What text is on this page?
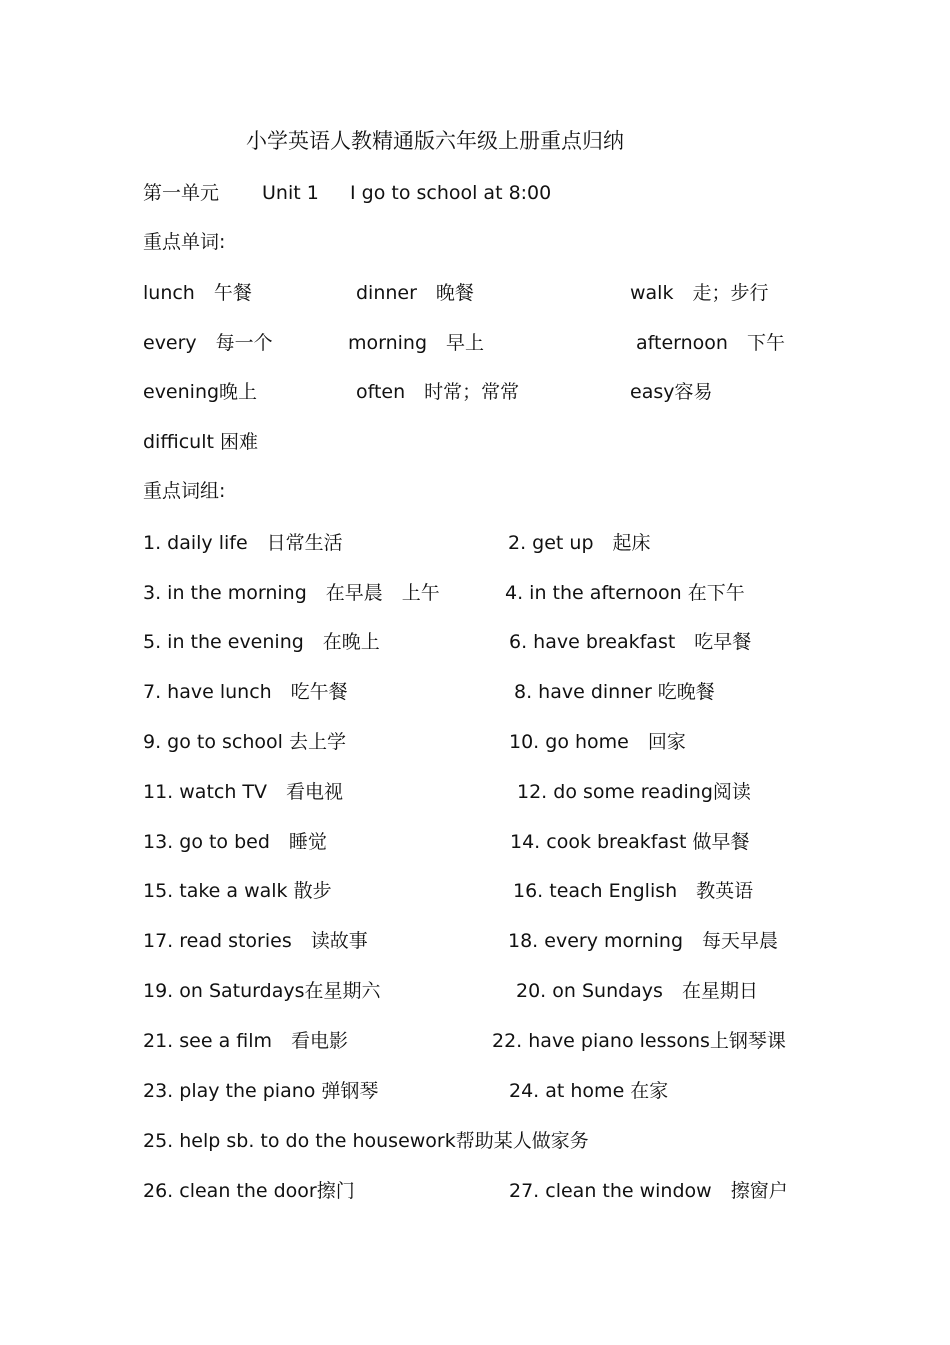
小学英语人教精通版六年级上册重点归纳
第一单元 Unit 1 I go to school at 8:00
重点单词:
lunch　午餐	dinner　晚餐	walk　走；步行
every　每一个	morning　早上	afternoon　下午
evening晚上	often　时常；常常	easy容易
difficult 困难
重点词组:
1. daily life　日常生活	2. get up　起床
3. in the morning　在早晨　上午	4. in the afternoon 在下午
5. in the evening　在晚上	6. have breakfast　吃早餐
7. have lunch　吃午餐	8. have dinner 吃晚餐
9. go to school 去上学	10. go home　回家
11. watch TV　看电视	12. do some reading阅读
13. go to bed　睡觉	14. cook breakfast 做早餐
15. take a walk 散步	16. teach English　教英语
17. read stories　读故事	18. every morning　每天早晨
19. on Saturdays在星期六	20. on Sundays　在星期日
21. see a film　看电影	22. have piano lessons上钢琴课
23. play the piano 弹钢琴	24. at home 在家
25. help sb. to do the housework帮助某人做家务
26. clean the door擦门	27. clean the window　擦窗户
